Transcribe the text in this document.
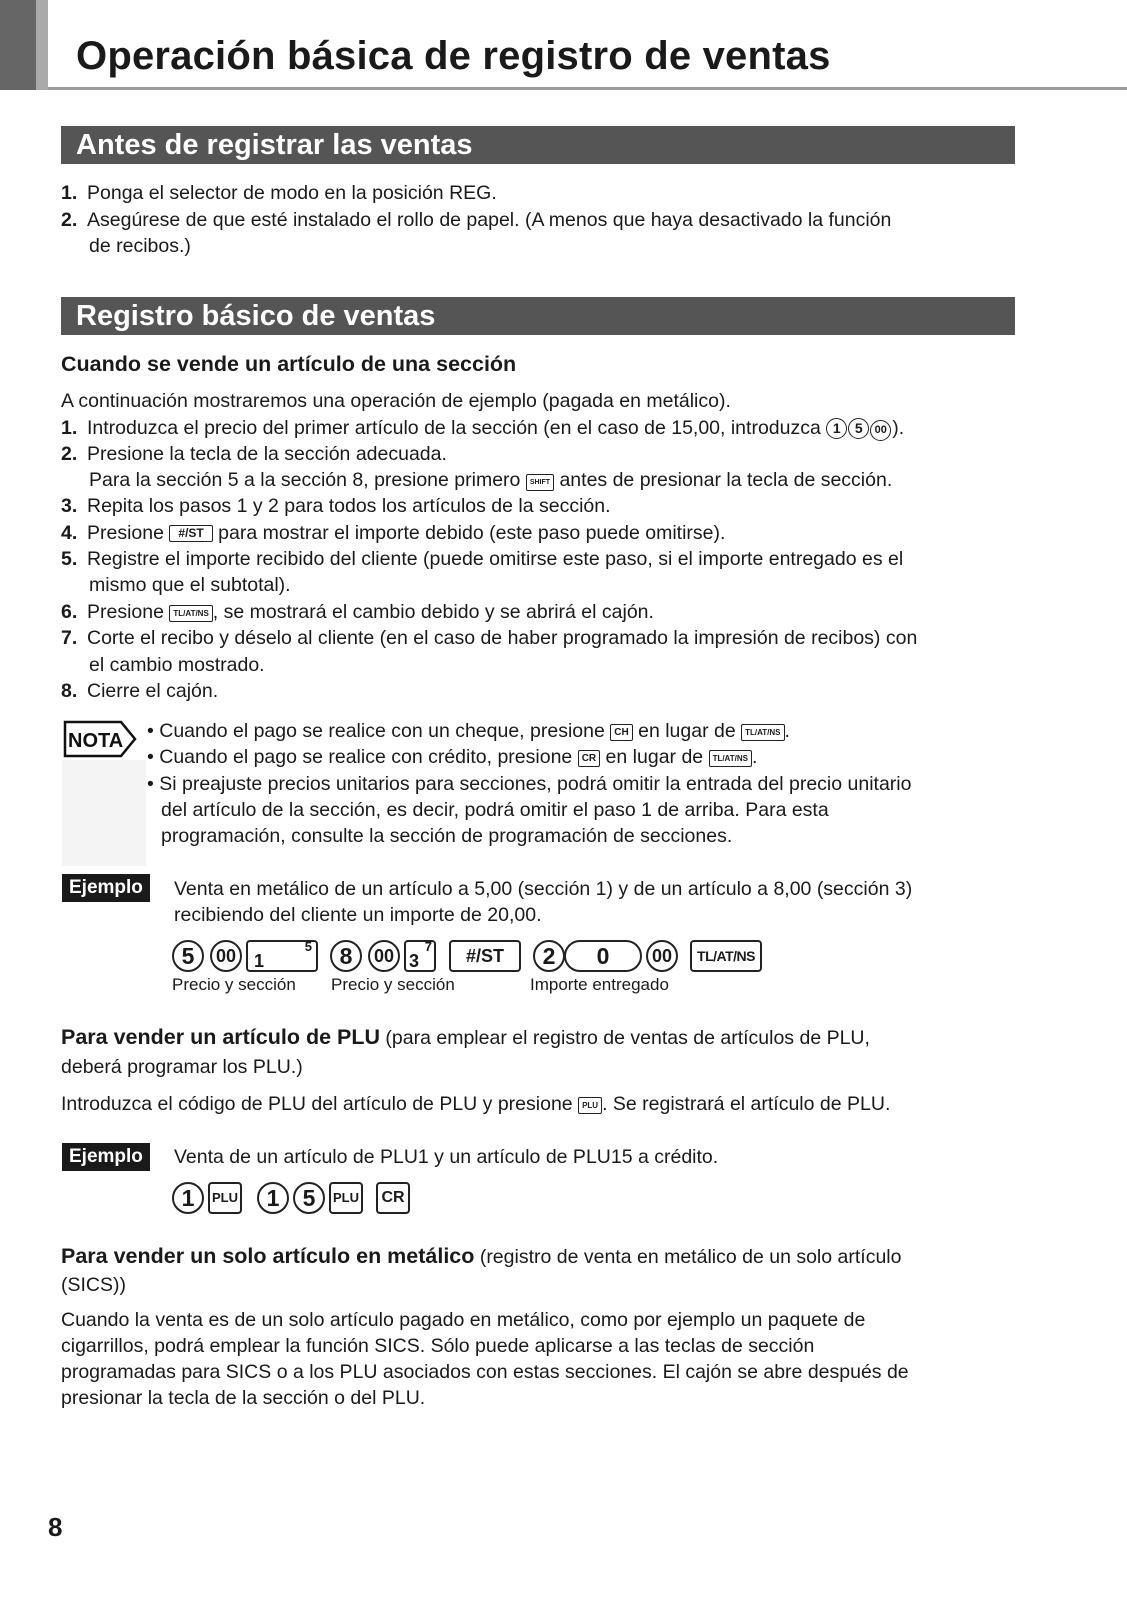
Operación básica de registro de ventas
Antes de registrar las ventas

1. Ponga el selector de modo en la posición REG.

2. Asegúrese de que esté instalado el rollo de papel. (A menos que haya desactivado la función

de recibos.)

Registro básico de ventas
Cuando se vende un artículo de una sección

A continuación mostraremos una operación de ejemplo (pagada en metálico).

1. Introduzca el precio del primer artículo de la sección (en el caso de 15,00, introduzca 1 5 00 ).

2. Presione la tecla de la sección adecuada.

Para la sección 5 a la sección 8, presione primero SHIFT antes de presionar la tecla de sección.

3. Repita los pasos 1 y 2 para todos los artículos de la sección.

4. Presione #/ST para mostrar el importe debido (este paso puede omitirse).

5. Registre el importe recibido del cliente (puede omitirse este paso, si el importe entregado es el

mismo que el subtotal).

6. Presione TL/AT/NS , se mostrará el cambio debido y se abrirá el cajón.

7. Corte el recibo y déselo al cliente (en el caso de haber programado la impresión de recibos) con

el cambio mostrado.

8. Cierre el cajón.

NOTA • Cuando el pago se realice con un cheque, presione CH en lugar de TL/AT/NS .

• Cuando el pago se realice con crédito, presione CR en lugar de TL/AT/NS .

• Si preajuste precios unitarios para secciones, podrá omitir la entrada del precio unitario

del artículo de la sección, es decir, podrá omitir el paso 1 de arriba. Para esta

programación, consulte la sección de programación de secciones.

Ejemplo	Venta en metálico de un artículo a 5,00 (sección 1) y de un artículo a 8,00 (sección 3)

recibiendo del cliente un importe de 20,00.

5	00 1
5	8	00 3
7	#/ST	2	0	00	TL/AT/NS
Precio y sección Precio y sección	Importe entregado

Para vender un artículo de PLU (para emplear el registro de ventas de artículos de PLU,

deberá programar los PLU.)

Introduzca el código de PLU del artículo de PLU y presione PLU . Se registrará el artículo de PLU.

Ejemplo	Venta de un artículo de PLU1 y un artículo de PLU15 a crédito.

1	PLU	1	5	PLU	CR

Para vender un solo artículo en metálico (registro de venta en metálico de un solo artículo

(SICS))

Cuando la venta es de un solo artículo pagado en metálico, como por ejemplo un paquete de

cigarrillos, podrá emplear la función SICS. Sólo puede aplicarse a las teclas de sección

programadas para SICS o a los PLU asociados con estas secciones. El cajón se abre después de

presionar la tecla de la sección o del PLU.

8
